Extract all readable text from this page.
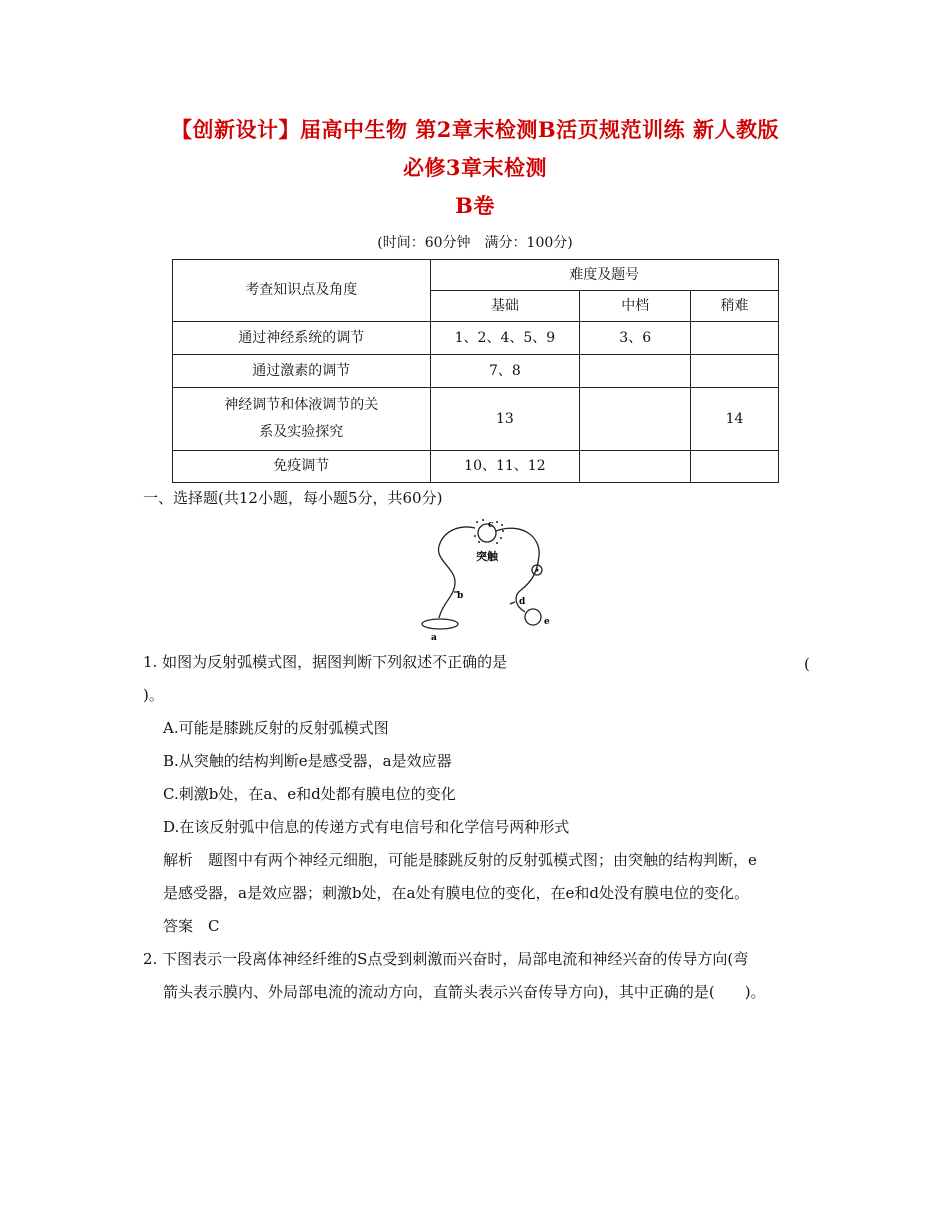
【创新设计】届高中生物 第2章末检测B活页规范训练 新人教版
必修3章末检测
B卷
(时间：60分钟　满分：100分)
考查知识点及角度	难度及题号		
	基础	中档	稍难
通过神经系统的调节	1、2、4、5、9	3、6	
通过激素的调节	7、8		

神经调节和体液调节的关
系及实验探究	13		14
免疫调节	10、11、12		
一、选择题(共12小题，每小题5分，共60分)
突触
c
a
b
d
e
1. 如图为反射弧模式图，据图判断下列叙述不正确的是	(
)。
A.可能是膝跳反射的反射弧模式图
B.从突触的结构判断e是感受器，a是效应器
C.刺激b处，在a、e和d处都有膜电位的变化
D.在该反射弧中信息的传递方式有电信号和化学信号两种形式
解析　题图中有两个神经元细胞，可能是膝跳反射的反射弧模式图；由突触的结构判断，e
是感受器，a是效应器；刺激b处，在a处有膜电位的变化，在e和d处没有膜电位的变化。
答案　C
2. 下图表示一段离体神经纤维的S点受到刺激而兴奋时，局部电流和神经兴奋的传导方向(弯
箭头表示膜内、外局部电流的流动方向，直箭头表示兴奋传导方向)，其中正确的是(　　)。
